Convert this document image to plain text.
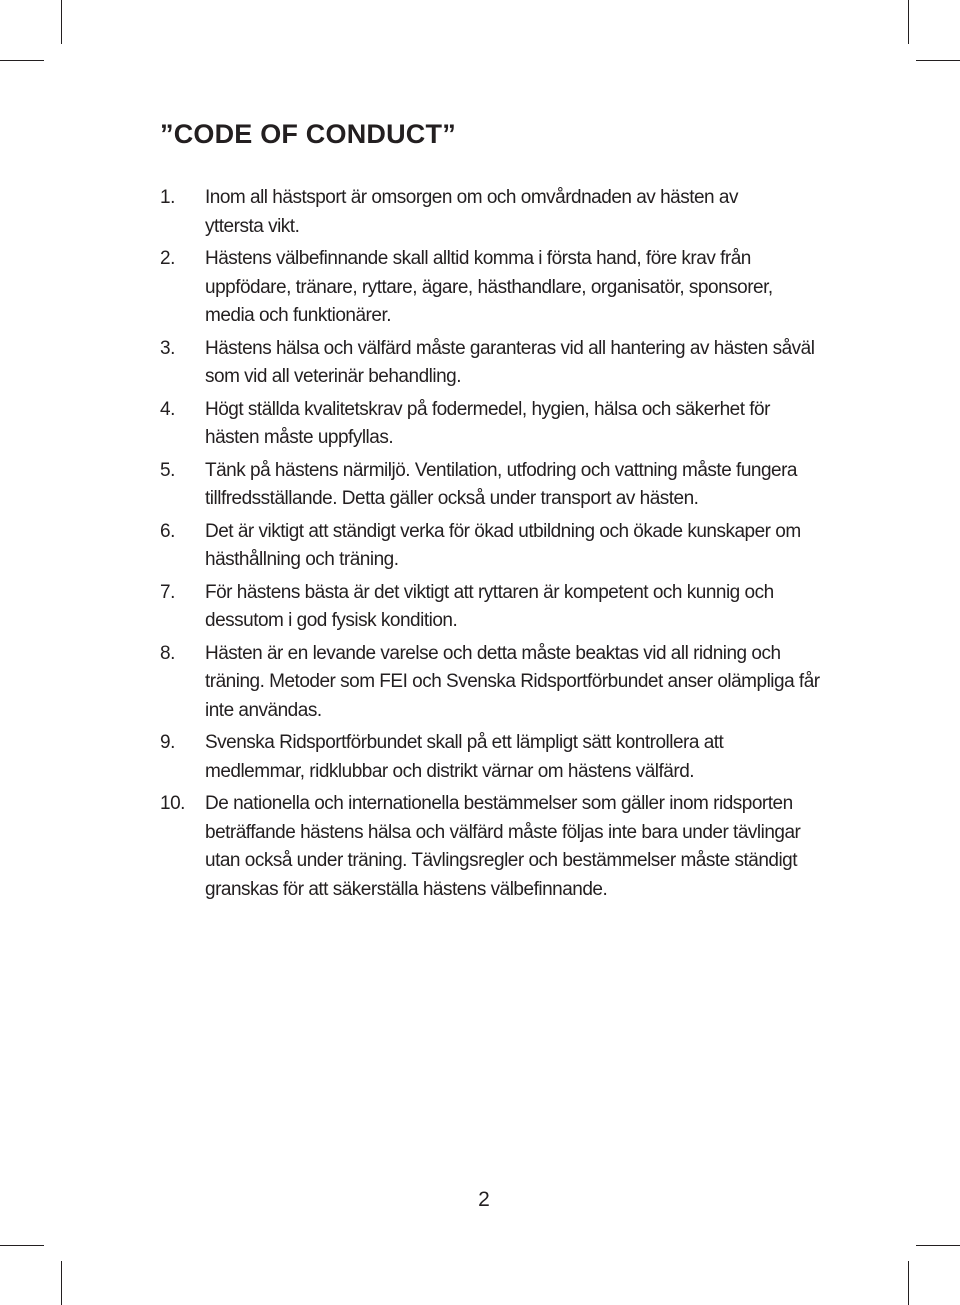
”CODE OF CONDUCT”
1.	Inom all hästsport är omsorgen om och omvårdnaden av hästen av yttersta vikt.
2.	Hästens välbefinnande skall alltid komma i första hand, före krav från uppfödare, tränare, ryttare, ägare, hästhandlare, organisatör, sponsorer, media och funktionärer.
3.	Hästens hälsa och välfärd måste garanteras vid all hantering av hästen såväl som vid all veterinär behandling.
4.	Högt ställda kvalitetskrav på fodermedel, hygien, hälsa och säkerhet för hästen måste uppfyllas.
5.	Tänk på hästens närmiljö. Ventilation, utfodring och vattning måste fungera tillfredsställande. Detta gäller också under transport av hästen.
6.	Det är viktigt att ständigt verka för ökad utbildning och ökade kunskaper om hästhållning och träning.
7.	För hästens bästa är det viktigt att ryttaren är kompetent och kunnig och dessutom i god fysisk kondition.
8.	Hästen är en levande varelse och detta måste beaktas vid all ridning och träning. Metoder som FEI och Svenska Ridsportförbundet anser olämpliga får inte användas.
9.	Svenska Ridsportförbundet skall på ett lämpligt sätt kontrollera att medlemmar, ridklubbar och distrikt värnar om hästens välfärd.
10.	De nationella och internationella bestämmelser som gäller inom ridsporten beträffande hästens hälsa och välfärd måste följas inte bara under tävlingar utan också under träning. Tävlingsregler och bestämmelser måste ständigt granskas för att säkerställa hästens välbefinnande.
2
